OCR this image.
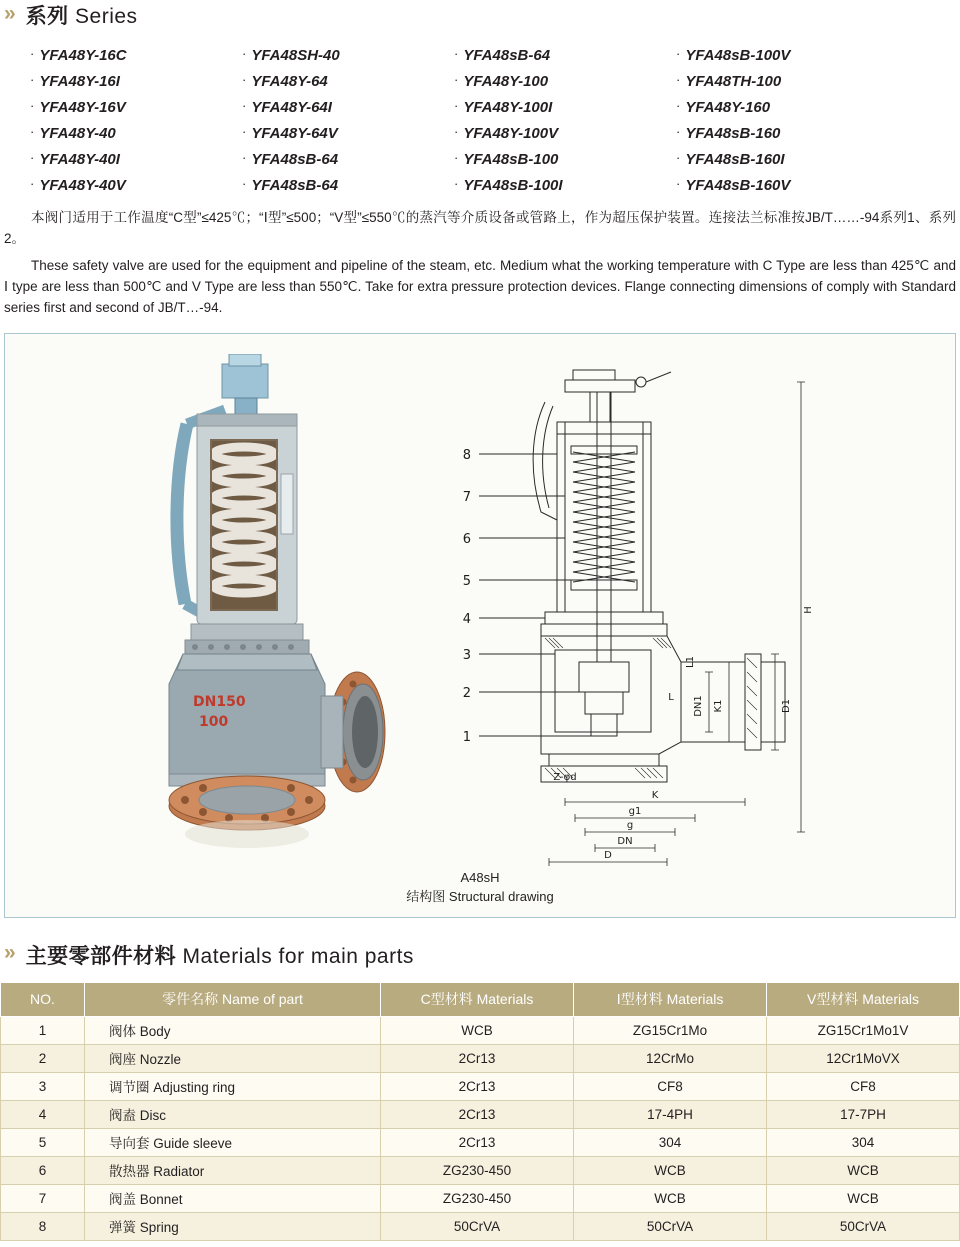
» 系列 Series
· YFA48Y-16C	· YFA48SH-40	· YFA48sB-64	· YFA48sB-100V
· YFA48Y-16I	· YFA48Y-64	· YFA48Y-100	· YFA48TH-100
· YFA48Y-16V	· YFA48Y-64I	· YFA48Y-100I	· YFA48Y-160
· YFA48Y-40	· YFA48Y-64V	· YFA48Y-100V	· YFA48sB-160
· YFA48Y-40I	· YFA48sB-64	· YFA48sB-100	· YFA48sB-160I
· YFA48Y-40V	· YFA48sB-64	· YFA48sB-100I	· YFA48sB-160V

本阀门适用于工作温度“C型”≤425℃；“Ⅰ型”≤500；“V型”≤550℃的蒸汽等介质设备或管路上，作为超压保护装置。连接法兰标准按JB/T……-94系列1、系列2。

These safety valve are used for the equipment and pipeline of the steam, etc. Medium what the working temperature with C Type are less than 425℃ and Ⅰ type are less than 500℃ and V Type are less than 550℃. Take for extra pressure protection devices. Flange connecting dimensions of comply with Standard series first and second of JB/T…-94.

DN150
100
8
7
6
5
4
3
2
1
H
K
g1
g
DN
D
D1
K1
DN1
L1
Z-φd
L
A48sH
结构图 Structural drawing
» 主要零部件材料 Materials for main parts
NO.	零件名称 Name of part	C型材料 Materials	Ⅰ型材料 Materials	V型材料 Materials
1	阀体 Body	WCB	ZG15Cr1Mo	ZG15Cr1Mo1V
2	阀座 Nozzle	2Cr13	12CrMo	12Cr1MoVX
3	调节圈 Adjusting ring	2Cr13	CF8	CF8
4	阀盍 Disc	2Cr13	17-4PH	17-7PH
5	导向套 Guide sleeve	2Cr13	304	304
6	散热器 Radiator	ZG230-450	WCB	WCB
7	阀盖 Bonnet	ZG230-450	WCB	WCB
8	弹簧 Spring	50CrVA	50CrVA	50CrVA
